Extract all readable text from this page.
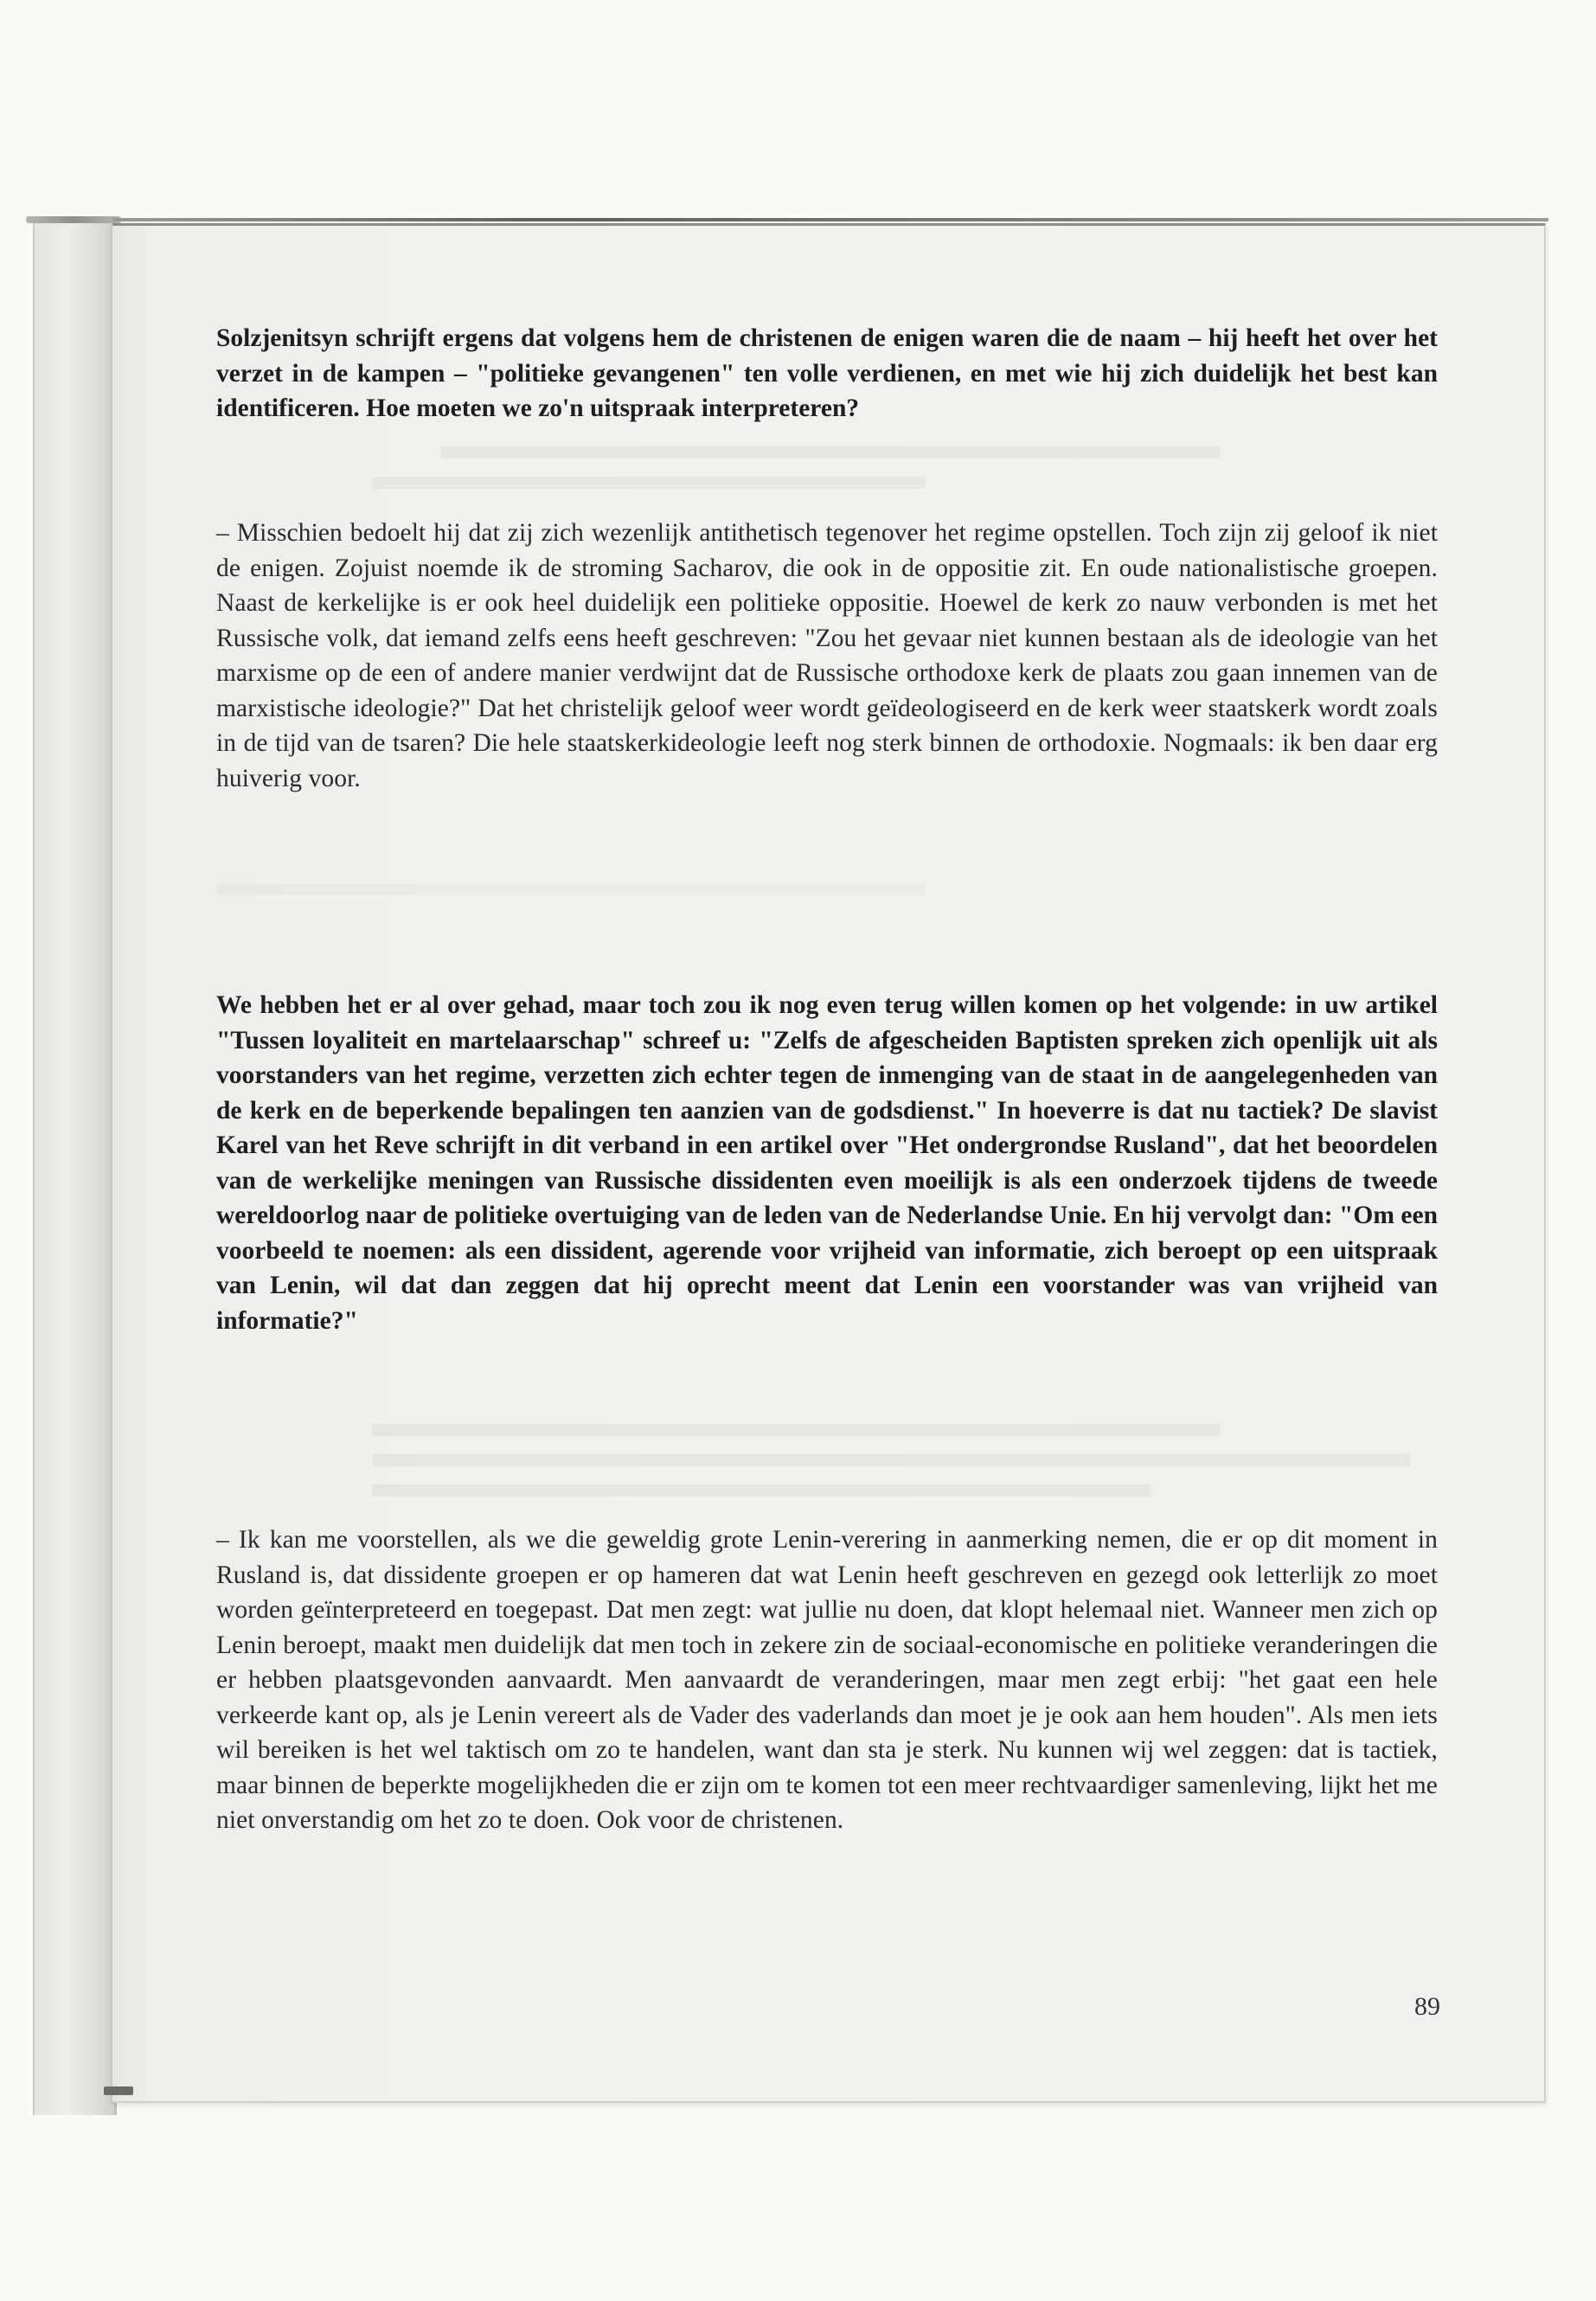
Solzjenitsyn schrijft ergens dat volgens hem de christenen de enigen waren die de naam – hij heeft het over het verzet in de kampen – "politieke gevangenen" ten volle verdienen, en met wie hij zich duidelijk het best kan identificeren. Hoe moeten we zo'n uitspraak interpreteren?
– Misschien bedoelt hij dat zij zich wezenlijk antithetisch tegenover het regime opstellen. Toch zijn zij geloof ik niet de enigen. Zojuist noemde ik de stroming Sacharov, die ook in de oppositie zit. En oude nationalistische groepen. Naast de kerkelijke is er ook heel duidelijk een politieke oppositie. Hoewel de kerk zo nauw verbonden is met het Russische volk, dat iemand zelfs eens heeft geschreven: "Zou het gevaar niet kunnen bestaan als de ideologie van het marxisme op de een of andere manier verdwijnt dat de Russische orthodoxe kerk de plaats zou gaan innemen van de marxistische ideologie?" Dat het christelijk geloof weer wordt geïdeologiseerd en de kerk weer staatskerk wordt zoals in de tijd van de tsaren? Die hele staatskerkideologie leeft nog sterk binnen de orthodoxie. Nogmaals: ik ben daar erg huiverig voor.
We hebben het er al over gehad, maar toch zou ik nog even terug willen komen op het volgende: in uw artikel "Tussen loyaliteit en martelaarschap" schreef u: "Zelfs de afgescheiden Baptisten spreken zich openlijk uit als voorstanders van het regime, verzetten zich echter tegen de inmenging van de staat in de aangelegenheden van de kerk en de beperkende bepalingen ten aanzien van de godsdienst." In hoeverre is dat nu tactiek? De slavist Karel van het Reve schrijft in dit verband in een artikel over "Het ondergrondse Rusland", dat het beoordelen van de werkelijke meningen van Russische dissidenten even moeilijk is als een onderzoek tijdens de tweede wereldoorlog naar de politieke overtuiging van de leden van de Nederlandse Unie. En hij vervolgt dan: "Om een voorbeeld te noemen: als een dissident, agerende voor vrijheid van informatie, zich beroept op een uitspraak van Lenin, wil dat dan zeggen dat hij oprecht meent dat Lenin een voorstander was van vrijheid van informatie?"
– Ik kan me voorstellen, als we die geweldig grote Lenin-verering in aanmerking nemen, die er op dit moment in Rusland is, dat dissidente groepen er op hameren dat wat Lenin heeft geschreven en gezegd ook letterlijk zo moet worden geïnterpreteerd en toegepast. Dat men zegt: wat jullie nu doen, dat klopt helemaal niet. Wanneer men zich op Lenin beroept, maakt men duidelijk dat men toch in zekere zin de sociaal-economische en politieke veranderingen die er hebben plaatsgevonden aanvaardt. Men aanvaardt de veranderingen, maar men zegt erbij: "het gaat een hele verkeerde kant op, als je Lenin vereert als de Vader des vaderlands dan moet je je ook aan hem houden". Als men iets wil bereiken is het wel taktisch om zo te handelen, want dan sta je sterk. Nu kunnen wij wel zeggen: dat is tactiek, maar binnen de beperkte mogelijkheden die er zijn om te komen tot een meer rechtvaardiger samenleving, lijkt het me niet onverstandig om het zo te doen. Ook voor de christenen.
89
